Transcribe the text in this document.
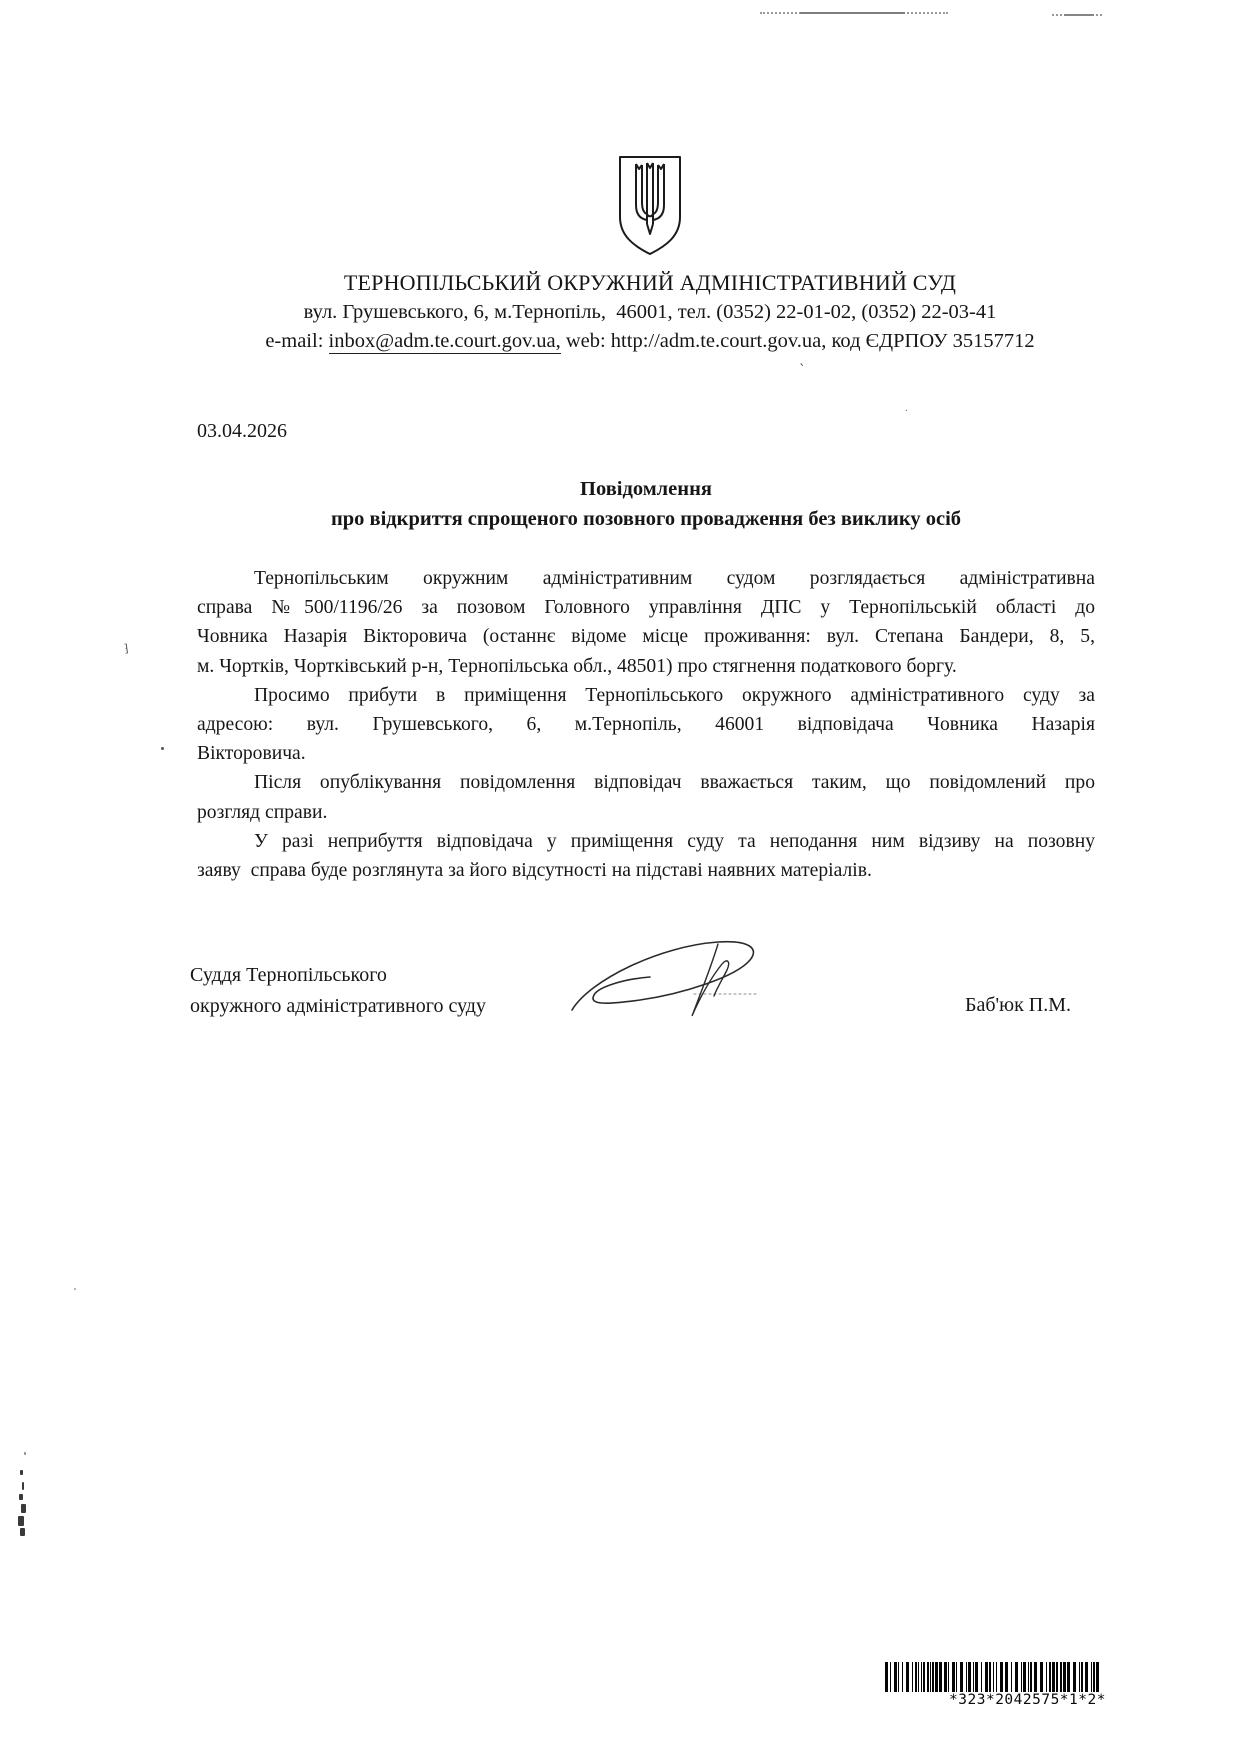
`
.
⁆
ТЕРНОПІЛЬСЬКИЙ ОКРУЖНИЙ АДМІНІСТРАТИВНИЙ СУД
вул. Грушевського, 6, м.Тернопіль,  46001, тел. (0352) 22-01-02, (0352) 22-03-41
e-mail: inbox@adm.te.court.gov.ua, web: http://adm.te.court.gov.ua, код ЄДРПОУ 35157712
03.04.2026
Повідомлення
про відкриття спрощеного позовного провадження без виклику осіб
Тернопільським окружним адміністративним судом розглядається адміністративна
справа №500/1196/26 за позовом Головного управління ДПС у Тернопільській області до
Човника Назарія Вікторовича (останнє відоме місце проживання: вул. Степана Бандери, 8, 5,
м. Чортків, Чортківський р-н, Тернопільська обл., 48501) про стягнення податкового боргу.
Просимо прибути в приміщення Тернопільського окружного адміністративного суду за
адресою: вул. Грушевського, 6, м.Тернопіль, 46001 відповідача Човника Назарія
Вікторовича.
Після опублікування повідомлення відповідач вважається таким, що повідомлений про
розгляд справи.
У разі неприбуття відповідача у приміщення суду та неподання ним відзиву на позовну
заяву  справа буде розглянута за його відсутності на підставі наявних матеріалів.
Суддя Тернопільського
окружного адміністративного суду	Баб'юк П.М.
*323*2042575*1*2*
